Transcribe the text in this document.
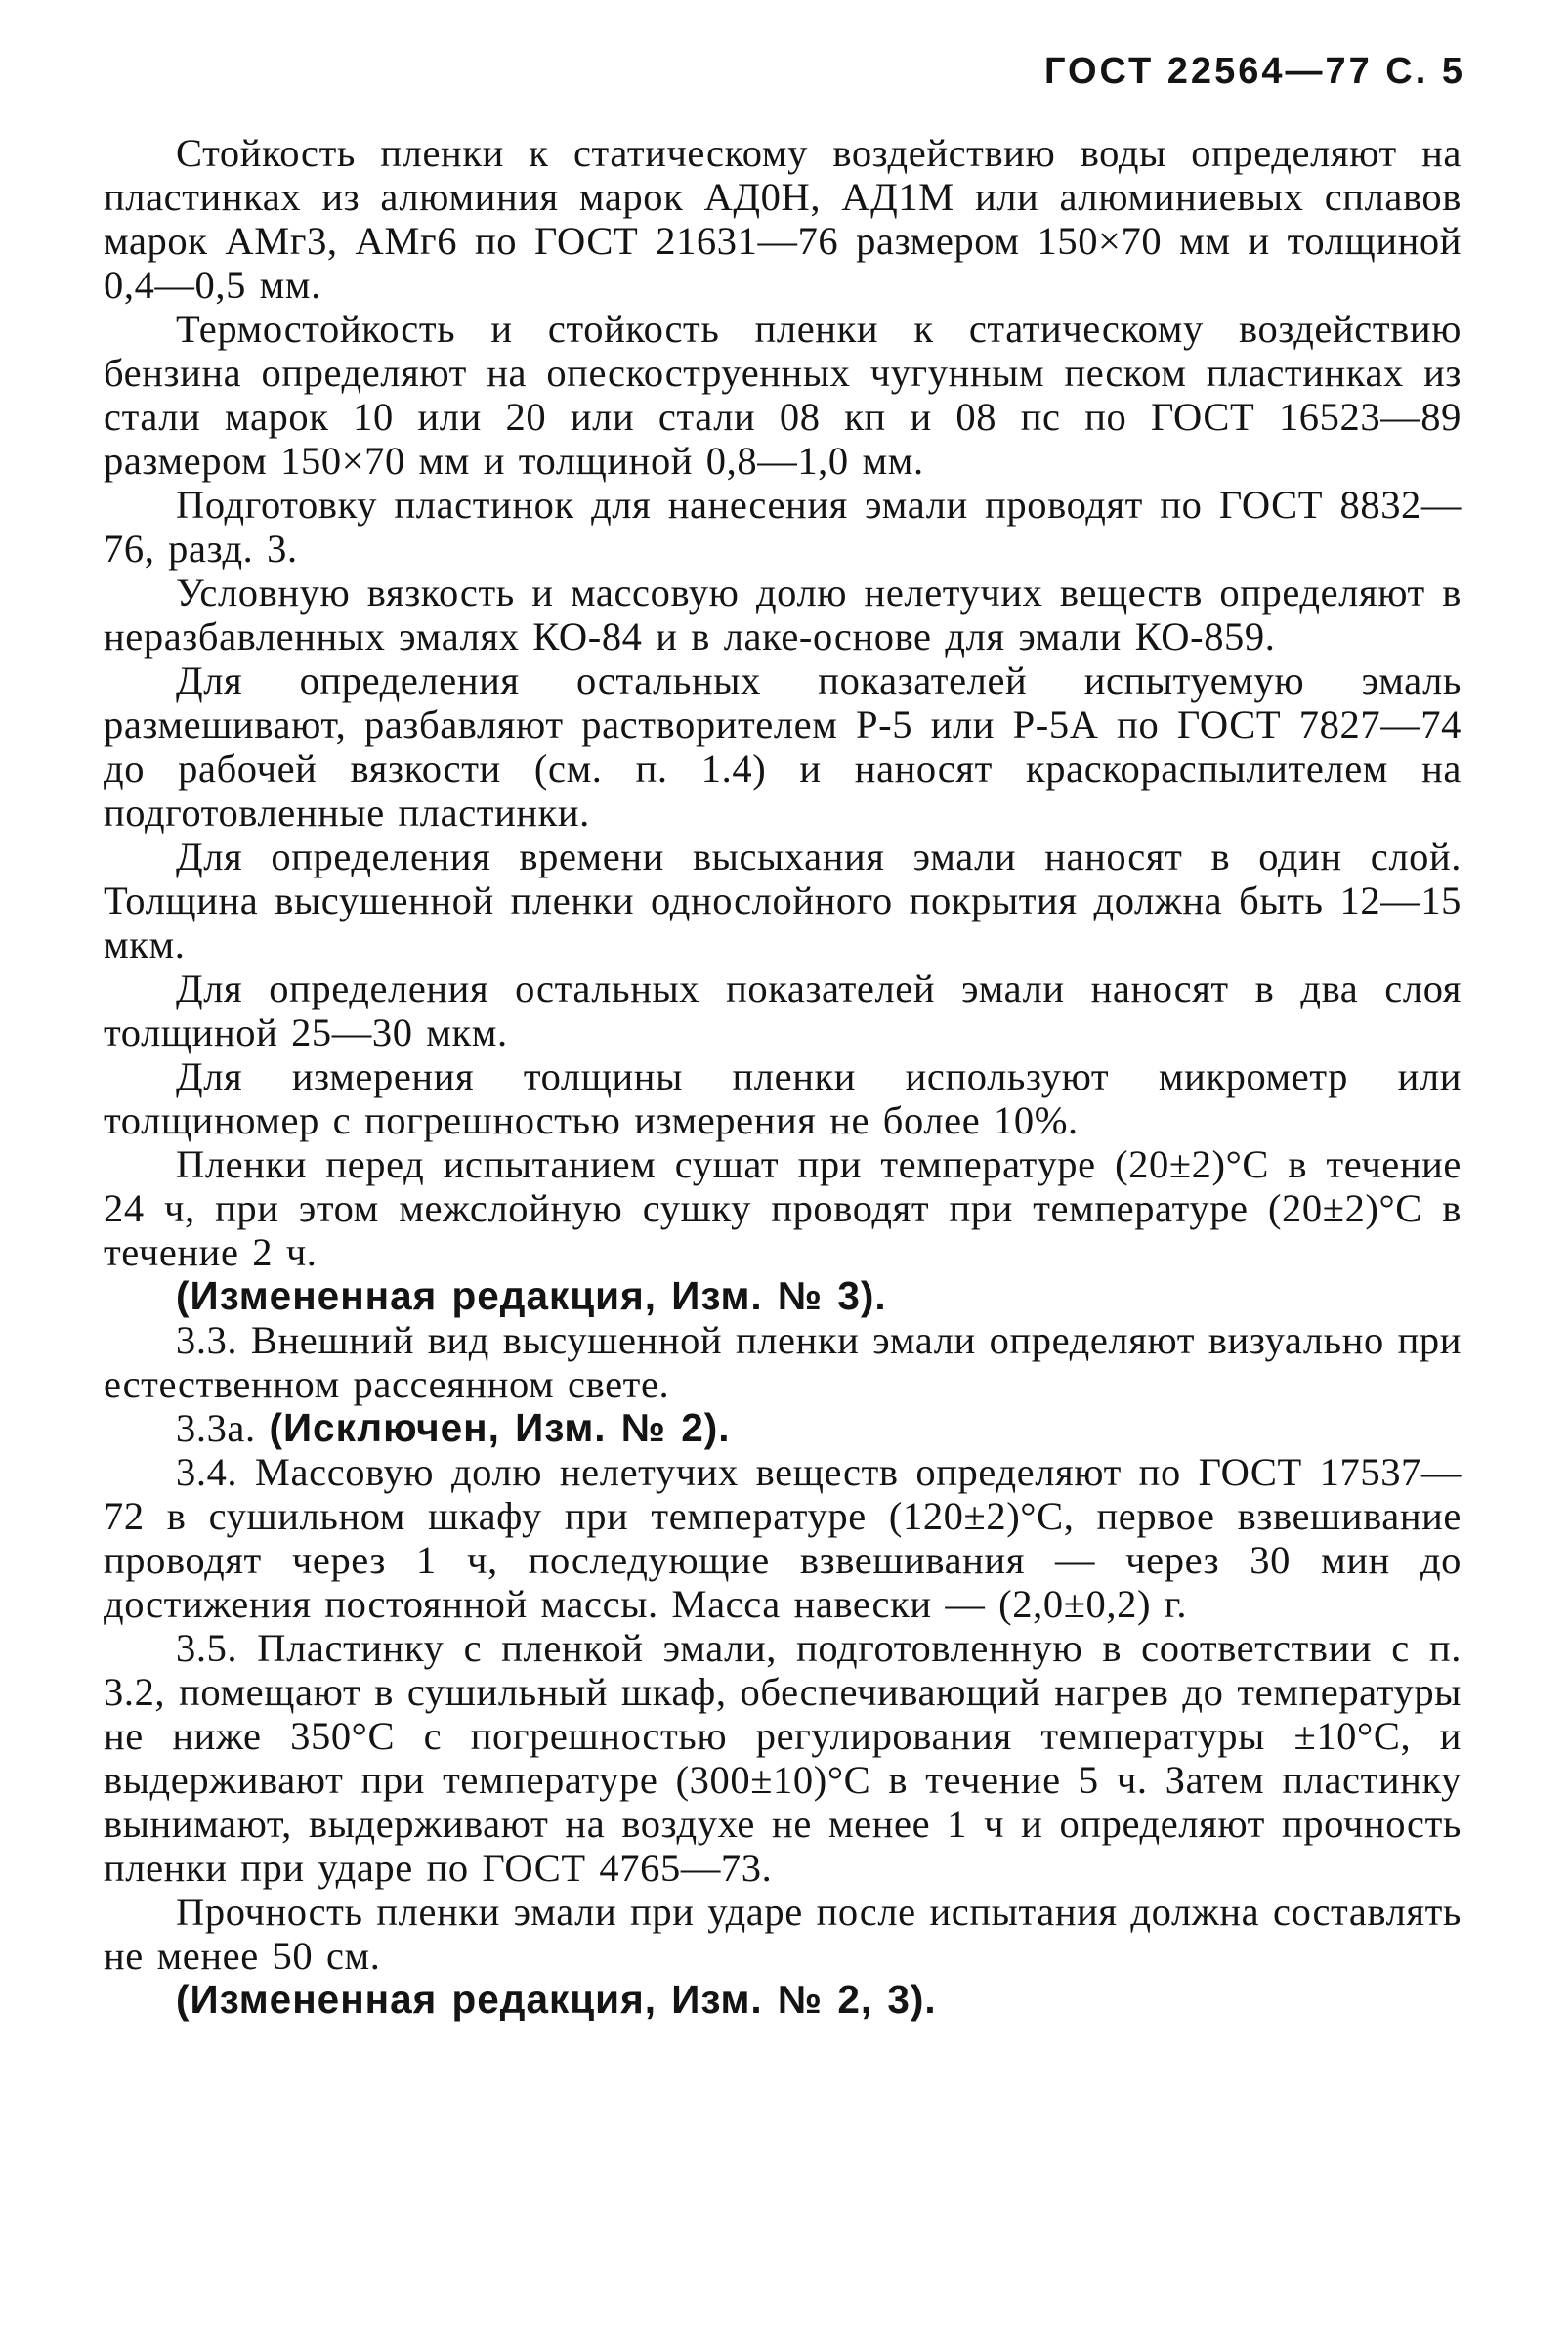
ГОСТ 22564—77 С. 5

Стойкость пленки к статическому воздействию воды определяют на пластинках из алюминия марок АД0Н, АД1М или алюминиевых сплавов марок АМг3, АМг6 по ГОСТ 21631—76 размером 150×70 мм и толщиной 0,4—0,5 мм.

Термостойкость и стойкость пленки к статическому воздействию бензина определяют на опескоструенных чугунным песком пластинках из стали марок 10 или 20 или стали 08 кп и 08 пс по ГОСТ 16523—89 размером 150×70 мм и толщиной 0,8—1,0 мм.

Подготовку пластинок для нанесения эмали проводят по ГОСТ 8832—76, разд. 3.

Условную вязкость и массовую долю нелетучих веществ определяют в неразбавленных эмалях КО-84 и в лаке-основе для эмали КО-859.

Для определения остальных показателей испытуемую эмаль размешивают, разбавляют растворителем Р-5 или Р-5А по ГОСТ 7827—74 до рабочей вязкости (см. п. 1.4) и наносят краскораспылителем на подготовленные пластинки.

Для определения времени высыхания эмали наносят в один слой. Толщина высушенной пленки однослойного покрытия должна быть 12—15 мкм.

Для определения остальных показателей эмали наносят в два слоя толщиной 25—30 мкм.

Для измерения толщины пленки используют микрометр или толщиномер с погрешностью измерения не более 10%.

Пленки перед испытанием сушат при температуре (20±2)°С в течение 24 ч, при этом межслойную сушку проводят при температуре (20±2)°С в течение 2 ч.

(Измененная редакция, Изм. № 3).

3.3. Внешний вид высушенной пленки эмали определяют визуально при естественном рассеянном свете.

3.3а. (Исключен, Изм. № 2).

3.4. Массовую долю нелетучих веществ определяют по ГОСТ 17537—72 в сушильном шкафу при температуре (120±2)°С, первое взвешивание проводят через 1 ч, последующие взвешивания — через 30 мин до достижения постоянной массы. Масса навески — (2,0±0,2) г.

3.5. Пластинку с пленкой эмали, подготовленную в соответствии с п. 3.2, помещают в сушильный шкаф, обеспечивающий нагрев до температуры не ниже 350°С с погрешностью регулирования температуры ±10°С, и выдерживают при температуре (300±10)°С в течение 5 ч. Затем пластинку вынимают, выдерживают на воздухе не менее 1 ч и определяют прочность пленки при ударе по ГОСТ 4765—73.

Прочность пленки эмали при ударе после испытания должна составлять не менее 50 см.

(Измененная редакция, Изм. № 2, 3).
